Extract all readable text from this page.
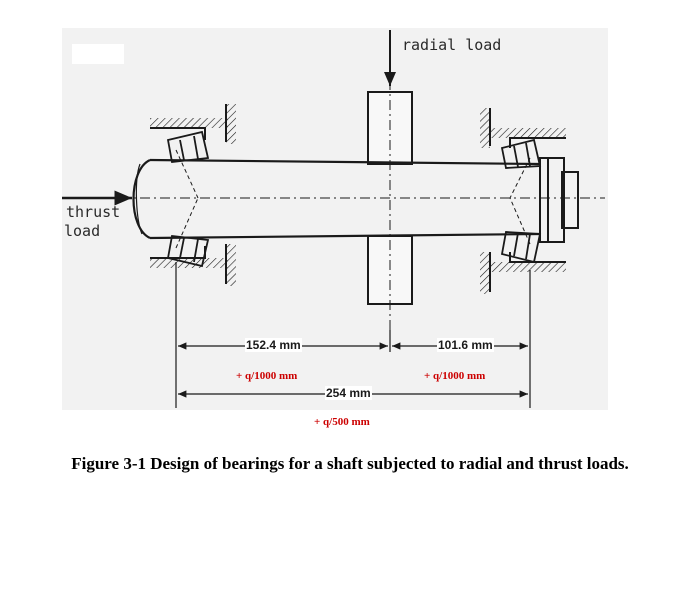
radial load
thrust
load
152.4 mm	101.6 mm
254 mm
+ q/1000 mm	+ q/1000 mm
+ q/500 mm
Figure 3-1 Design of bearings for a shaft subjected to radial and thrust loads.
